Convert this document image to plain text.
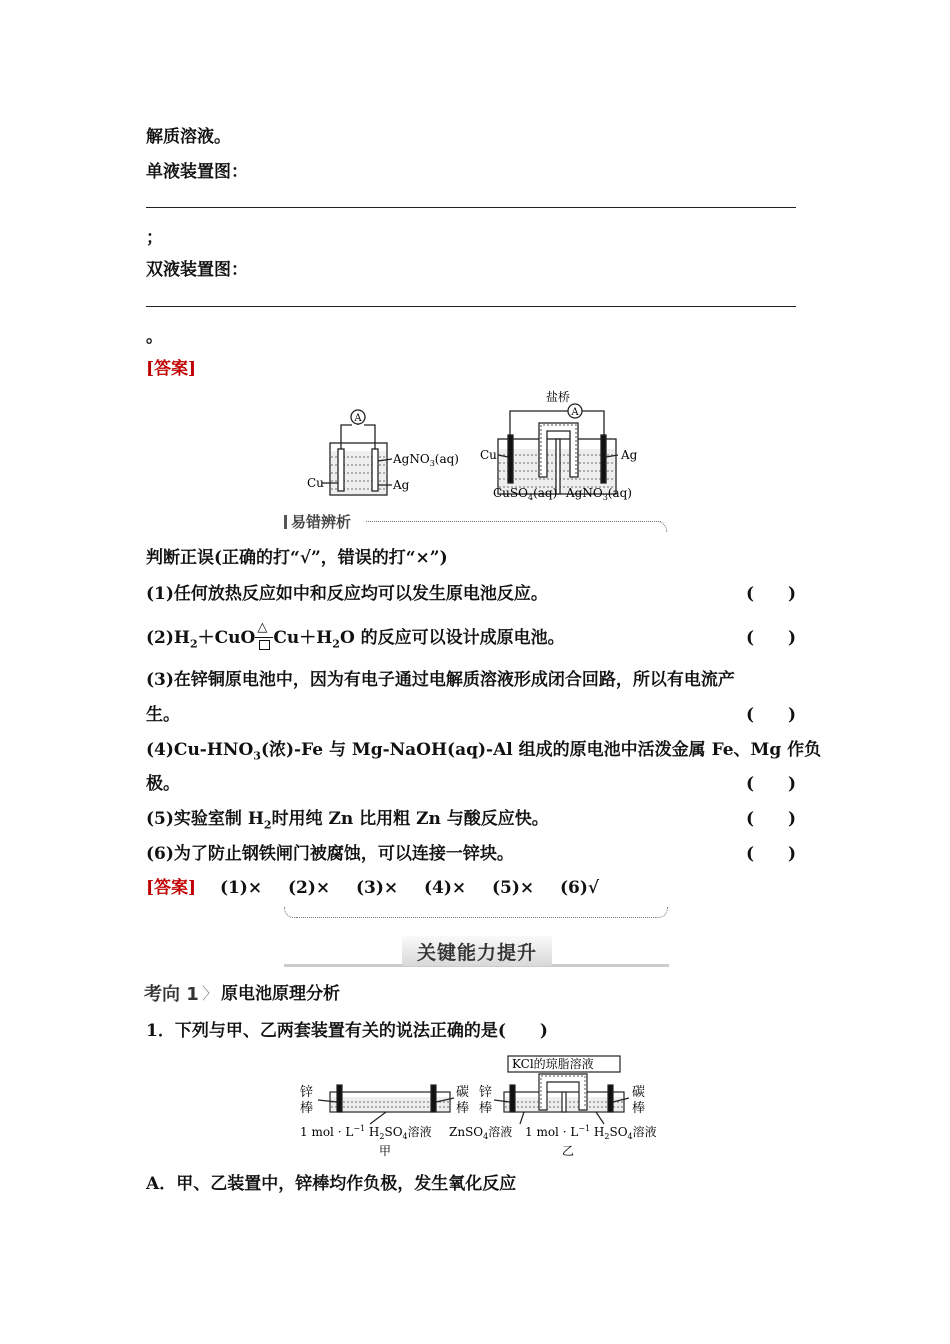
解质溶液。
单液装置图：
；
双液装置图：
。
[答案]
A
Cu	Ag
AgNO$_3$(aq)
A
盐桥
Cu	Ag
CuSO$_4$(aq) AgNO$_3$(aq)
易错辨析
判断正误(正确的打“√”，错误的打“×”)
(1)任何放热反应如中和反应均可以发生原电池反应。	(　　)
$(2)H_2+CuO$
△
$Cu+H_2O$ 的反应可以设计成原电池。	(　　)
(3)在锌铜原电池中，因为有电子通过电解质溶液形成闭合回路，所以有电流产
生。	(　　)
$(4)Cu-HNO_3$(浓)-Fe 与 Mg-NaOH(aq)-Al 组成的原电池中活泼金属 Fe、Mg 作负
极。	(　　)
(5)实验室制 $H_2$时用纯 Zn 比用粗 Zn 与酸反应快。	(　　)
(6)为了防止钢铁闸门被腐蚀，可以连接一锌块。	(　　)
[答案] (1)× (2)× (3)× (4)× (5)× (6)√
关键能力提升
考向 1 〉 原电池原理分析
1．下列与甲、乙两套装置有关的说法正确的是(　　)
锌
棒
碳
棒
1 mol · $L^{-1}$ $H_2SO_4$溶液
甲
KCl的琼脂溶液
锌
棒
碳
棒
ZnSO$_4$溶液 1 mol · $L^{-1}$ $H_2SO_4$溶液
乙
A．甲、乙装置中，锌棒均作负极，发生氧化反应
